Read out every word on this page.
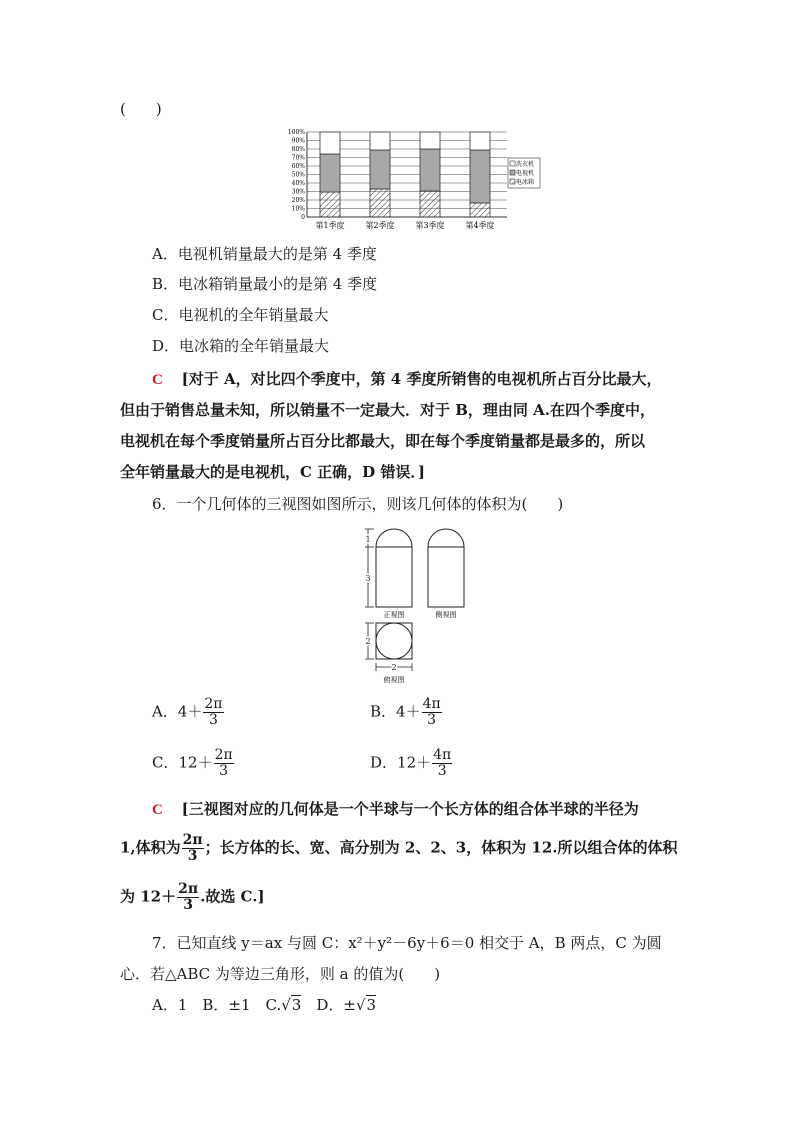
(　　)
100%
90%
80%
70%
60%
50%
40%
30%
20%
10%
0
洗衣机
电视机
电冰箱
第1季度	第2季度	第3季度	第4季度
A．电视机销量最大的是第 4 季度
B．电冰箱销量最小的是第 4 季度
C．电视机的全年销量最大
D．电冰箱的全年销量最大
C [对于 A，对比四个季度中，第 4 季度所销售的电视机所占百分比最大，
但由于销售总量未知，所以销量不一定最大．对于 B，理由同 A.在四个季度中，
电视机在每个季度销量所占百分比都最大，即在每个季度销量都是最多的，所以
全年销量最大的是电视机，C 正确，D 错误．]
6．一个几何体的三视图如图所示，则该几何体的体积为(　　)
1
3
正视图	侧视图
2
2
俯视图
A．$4+ \frac{2\pi}{3}$	B．$4+ \frac{4\pi}{3}$
C．$12+ \frac{2\pi}{3}$	D．$12+ \frac{4\pi}{3}$
C [三视图对应的几何体是一个半球与一个长方体的组合体半球的半径为
1,体积为 $\frac{2\pi}{3}$ ；长方体的长、宽、高分别为 2、2、3，体积为 12.所以组合体的体积
为 $12+ \frac{2\pi}{3}$ .故选 C.]
7．已知直线 y＝ax 与圆 C：x²＋y²－6y＋6＝0 相交于 A，B 两点，C 为圆
心．若△ABC 为等边三角形，则 a 的值为(　　)
A．1　B．±1　C.√3　D．±√3
